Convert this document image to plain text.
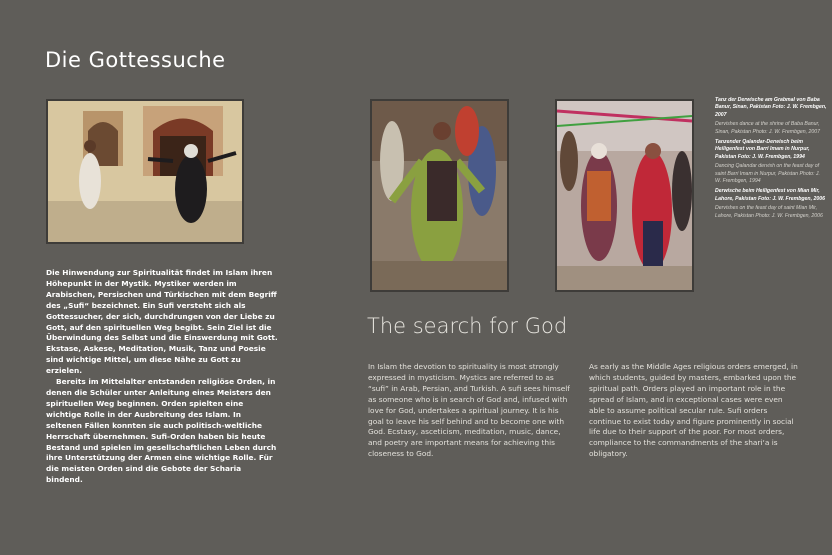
Die Gottessuche
Tanz der Derwische am Grabmal von Baba Banur, Sinan, Pakistan Foto: J. W. Frembgen, 2007
Dervishes dance at the shrine of Baba Banur, Sinan, Pakistan Photo: J. W. Frembgen, 2007
Tanzender Qalandar-Derwisch beim Heiligenfest von Barri Imam in Nurpur, Pakistan Foto: J. W. Frembgen, 1994
Dancing Qalandar dervish on the feast day of saint Barri Imam in Nurpur, Pakistan Photo: J. W. Frembgen, 1994
Derwische beim Heiligenfest von Mian Mir, Lahore, Pakistan Foto: J. W. Frembgen, 2006
Dervishes on the feast day of saint Mian Mir, Lahore, Pakistan Photo: J. W. Frembgen, 2006
The search for God

Die Hinwendung zur Spiritualität findet im Islam ihren Höhepunkt in der Mystik. Mystiker werden im Arabischen, Persischen und Türkischen mit dem Begriff des „Sufi“ bezeichnet. Ein Sufi versteht sich als Gottessucher, der sich, durchdrungen von der Liebe zu Gott, auf den spirituellen Weg begibt. Sein Ziel ist die Überwindung des Selbst und die Einswerdung mit Gott. Ekstase, Askese, Meditation, Musik, Tanz und Poesie sind wichtige Mittel, um diese Nähe zu Gott zu erzielen.

Bereits im Mittelalter entstanden religiöse Orden, in denen die Schüler unter Anleitung eines Meisters den spirituellen Weg beginnen. Orden spielten eine wichtige Rolle in der Ausbreitung des Islam. In seltenen Fällen konnten sie auch politisch-weltliche Herrschaft übernehmen. Sufi-Orden haben bis heute Bestand und spielen im gesellschaftlichen Leben durch ihre Unterstützung der Armen eine wichtige Rolle. Für die meisten Orden sind die Gebote der Scharia bindend.

In Islam the devotion to spirituality is most strongly expressed in mysticism. Mystics are referred to as “sufi” in Arab, Persian, and Turkish. A sufi sees himself as someone who is in search of God and, infused with love for God, undertakes a spiritual journey. It is his goal to leave his self behind and to become one with God. Ecstasy, asceticism, meditation, music, dance, and poetry are important means for achieving this closeness to God.

As early as the Middle Ages religious orders emerged, in which students, guided by masters, embarked upon the spiritual path. Orders played an important role in the spread of Islam, and in exceptional cases were even able to assume political secular rule. Sufi orders continue to exist today and figure prominently in social life due to their support of the poor. For most orders, compliance to the commandments of the shari‘a is obligatory.
